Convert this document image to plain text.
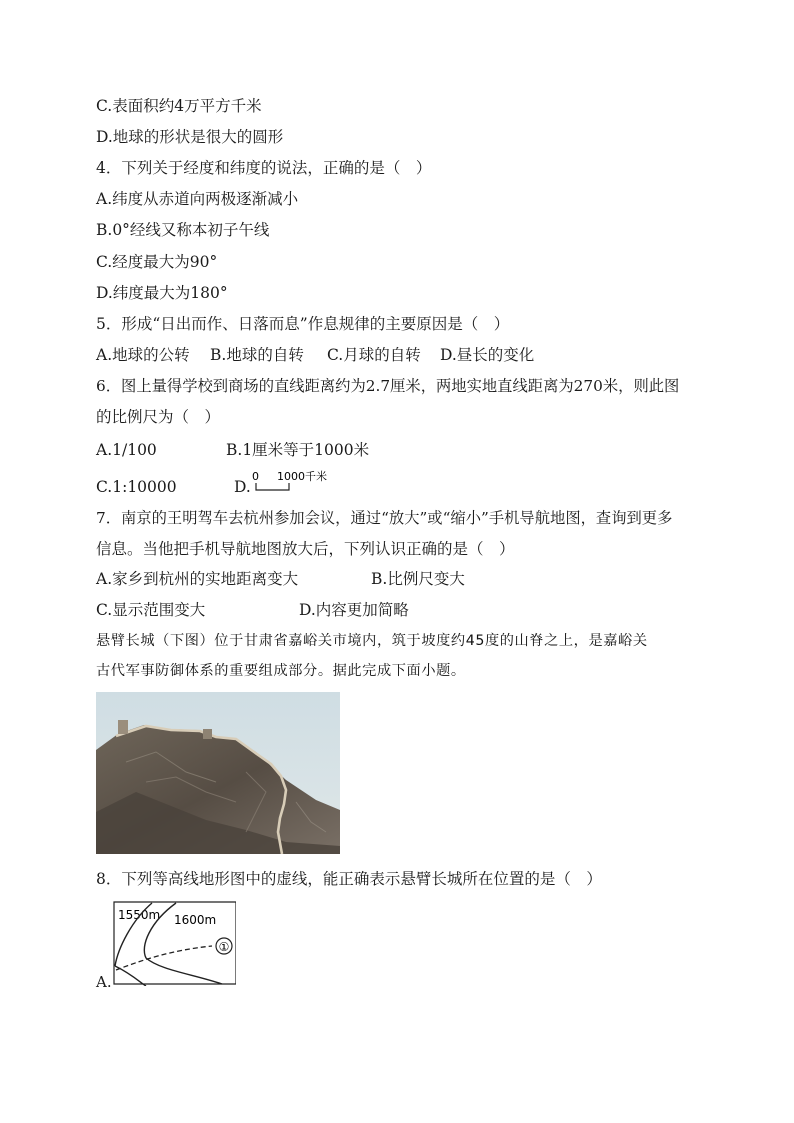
C.表面积约4万平方千米
D.地球的形状是很大的圆形
4．下列关于经度和纬度的说法，正确的是（　）
A.纬度从赤道向两极逐渐减小
B.0°经线又称本初子午线
C.经度最大为90°
D.纬度最大为180°
5．形成“日出而作、日落而息”作息规律的主要原因是（　）
A.地球的公转 B.地球的自转 C.月球的自转 D.昼长的变化
6．图上量得学校到商场的直线距离约为2.7厘米，两地实地直线距离为270米，则此图
的比例尺为（　）
A.1/100	B.1厘米等于1000米
C.1:10000	D.
0 1000千米
7．南京的王明驾车去杭州参加会议，通过“放大”或“缩小”手机导航地图，查询到更多
信息。当他把手机导航地图放大后，下列认识正确的是（　）
A.家乡到杭州的实地距离变大	B.比例尺变大
C.显示范围变大	D.内容更加简略
悬臂长城（下图）位于甘肃省嘉峪关市境内，筑于坡度约45度的山脊之上，是嘉峪关
古代军事防御体系的重要组成部分。据此完成下面小题。
8．下列等高线地形图中的虚线，能正确表示悬臂长城所在位置的是（　）
A.
1550m 1600m
①
